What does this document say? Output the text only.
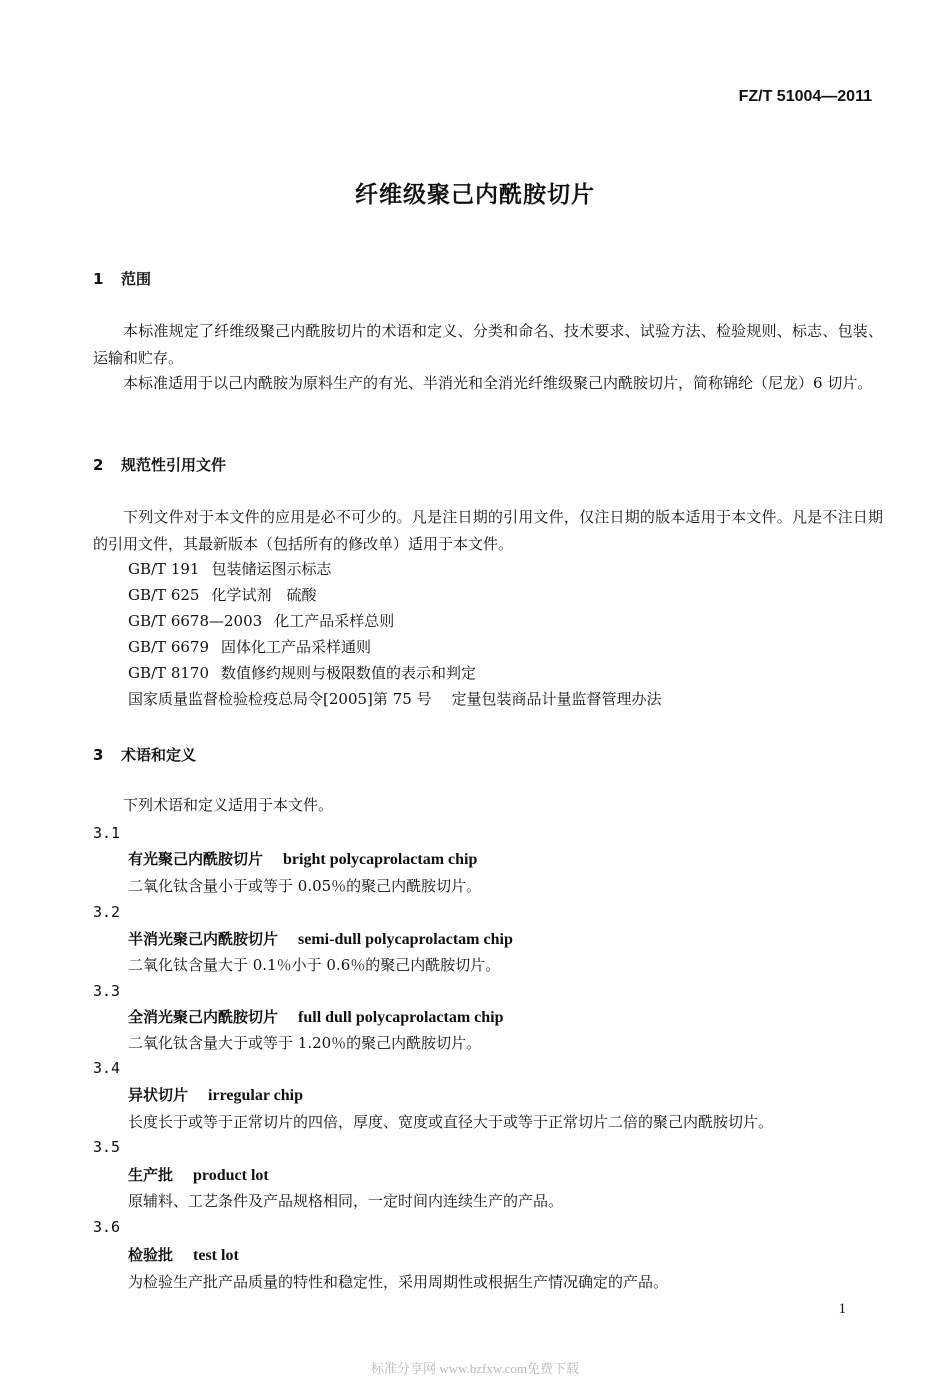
FZ/T 51004—2011
纤维级聚己内酰胺切片
1 范围

本标准规定了纤维级聚己内酰胺切片的术语和定义、分类和命名、技术要求、试验方法、检验规则、标志、包装、运输和贮存。

本标准适用于以己内酰胺为原料生产的有光、半消光和全消光纤维级聚己内酰胺切片，简称锦纶（尼龙）6 切片。

2 规范性引用文件

下列文件对于本文件的应用是必不可少的。凡是注日期的引用文件，仅注日期的版本适用于本文件。凡是不注日期的引用文件，其最新版本（包括所有的修改单）适用于本文件。

GB/T 191 包装储运图示标志
GB/T 625 化学试剂　硫酸
GB/T 6678—2003 化工产品采样总则
GB/T 6679 固体化工产品采样通则
GB/T 8170 数值修约规则与极限数值的表示和判定
国家质量监督检验检疫总局令[2005]第 75 号 定量包装商品计量监督管理办法
3 术语和定义

下列术语和定义适用于本文件。

3.1
有光聚己内酰胺切片 bright polycaprolactam chip
二氧化钛含量小于或等于 0.05％的聚己内酰胺切片。
3.2
半消光聚己内酰胺切片 semi-dull polycaprolactam chip
二氧化钛含量大于 0.1％小于 0.6％的聚己内酰胺切片。
3.3
全消光聚己内酰胺切片 full dull polycaprolactam chip
二氧化钛含量大于或等于 1.20％的聚己内酰胺切片。
3.4
异状切片 irregular chip
长度长于或等于正常切片的四倍，厚度、宽度或直径大于或等于正常切片二倍的聚己内酰胺切片。
3.5
生产批 product lot
原辅料、工艺条件及产品规格相同，一定时间内连续生产的产品。
3.6
检验批 test lot
为检验生产批产品质量的特性和稳定性，采用周期性或根据生产情况确定的产品。
1
标准分享网 www.bzfxw.com免费下载
